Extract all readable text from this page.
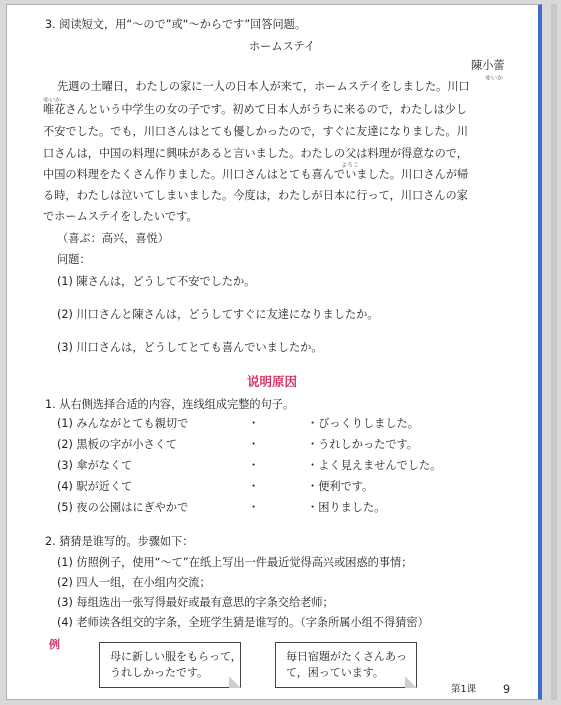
3. 阅读短文，用“～ので”或“～からです”回答问题。
ホームステイ
陳小蕾
ゆいか
先週の土曜日，わたしの家に一人の日本人が来て，ホームステイをしました。川口
ゆいか
唯花さんという中学生の女の子です。初めて日本人がうちに来るので，わたしは少し
不安でした。でも，川口さんはとても優しかったので，すぐに友達になりました。川
口さんは，中国の料理に興味があると言いました。わたしの父は料理が得意なので，
よろこ
中国の料理をたくさん作りました。川口さんはとても喜んでいました。川口さんが帰
る時，わたしは泣いてしまいました。今度は，わたしが日本に行って，川口さんの家
でホームステイをしたいです。
（喜ぶ：高兴，喜悦）
问题：
(1) 陳さんは，どうして不安でしたか。
(2) 川口さんと陳さんは，どうしてすぐに友達になりましたか。
(3) 川口さんは，どうしてとても喜んでいましたか。
说明原因
1. 从右侧选择合适的内容，连线组成完整的句子。
(1) みんながとても親切で
(2) 黒板の字が小さくて
(3) 傘がなくて
(4) 駅が近くて
(5) 夜の公園はにぎやかで
・
・
・
・
・
・びっくりしました。
・うれしかったです。
・よく見えませんでした。
・便利です。
・困りました。
2. 猜猜是谁写的。步骤如下：
(1) 仿照例子，使用“～て”在纸上写出一件最近觉得高兴或困惑的事情；
(2) 四人一组，在小组内交流；
(3) 每组选出一张写得最好或最有意思的字条交给老师；
(4) 老师读各组交的字条，全班学生猜是谁写的。（字条所属小组不得猜密）
例
母に新しい服をもらって，
うれしかったです。
毎日宿題がたくさんあっ
て，困っています。
第1课 9
